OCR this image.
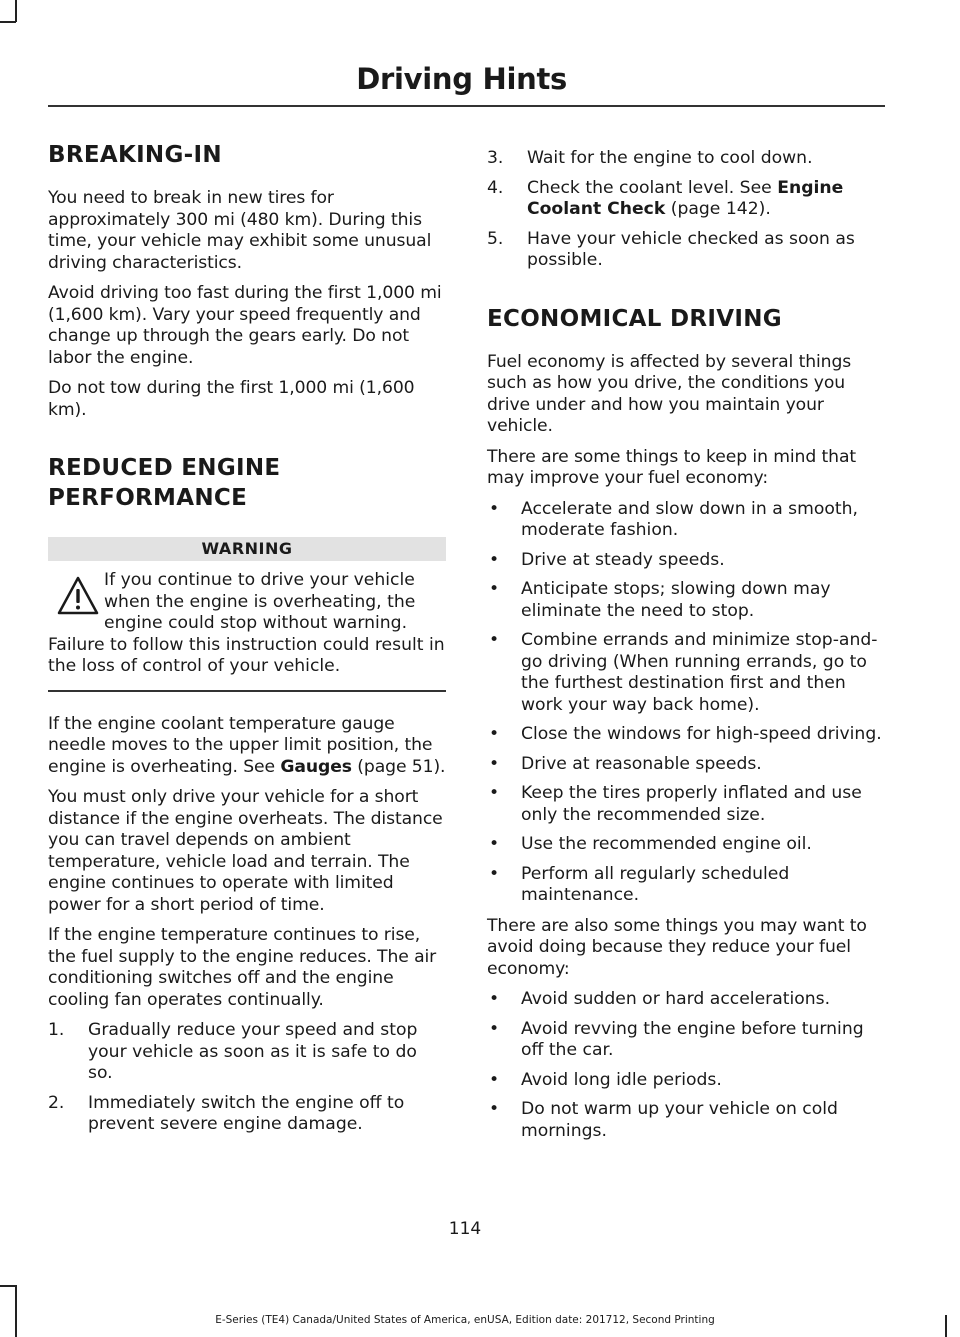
Driving Hints
BREAKING-IN

You need to break in new tires for approximately 300 mi (480 km). During this time, your vehicle may exhibit some unusual driving characteristics.

Avoid driving too fast during the first 1,000 mi (1,600 km). Vary your speed frequently and change up through the gears early. Do not labor the engine.

Do not tow during the first 1,000 mi (1,600 km).

REDUCED ENGINE
PERFORMANCE
WARNING
If you continue to drive your vehicle when the engine is overheating, the engine could stop without warning.
Failure to follow this instruction could result in the loss of control of your vehicle.

If the engine coolant temperature gauge needle moves to the upper limit position, the engine is overheating. See Gauges (page 51).

You must only drive your vehicle for a short distance if the engine overheats. The distance you can travel depends on ambient temperature, vehicle load and terrain. The engine continues to operate with limited power for a short period of time.

If the engine temperature continues to rise, the fuel supply to the engine reduces. The air conditioning switches off and the engine cooling fan operates continually.

1. Gradually reduce your speed and stop your vehicle as soon as it is safe to do so.
2. Immediately switch the engine off to prevent severe engine damage.
3. Wait for the engine to cool down.
4. Check the coolant level. See Engine Coolant Check (page 142).
5. Have your vehicle checked as soon as possible.
ECONOMICAL DRIVING

Fuel economy is affected by several things such as how you drive, the conditions you drive under and how you maintain your vehicle.

There are some things to keep in mind that may improve your fuel economy:

• Accelerate and slow down in a smooth, moderate fashion.
• Drive at steady speeds.
• Anticipate stops; slowing down may eliminate the need to stop.
• Combine errands and minimize stop-and-go driving (When running errands, go to the furthest destination first and then work your way back home).
• Close the windows for high-speed driving.
• Drive at reasonable speeds.
• Keep the tires properly inflated and use only the recommended size.
• Use the recommended engine oil.
• Perform all regularly scheduled maintenance.

There are also some things you may want to avoid doing because they reduce your fuel economy:

• Avoid sudden or hard accelerations.
• Avoid revving the engine before turning off the car.
• Avoid long idle periods.
• Do not warm up your vehicle on cold mornings.
114
E-Series (TE4) Canada/United States of America, enUSA, Edition date: 201712, Second Printing
